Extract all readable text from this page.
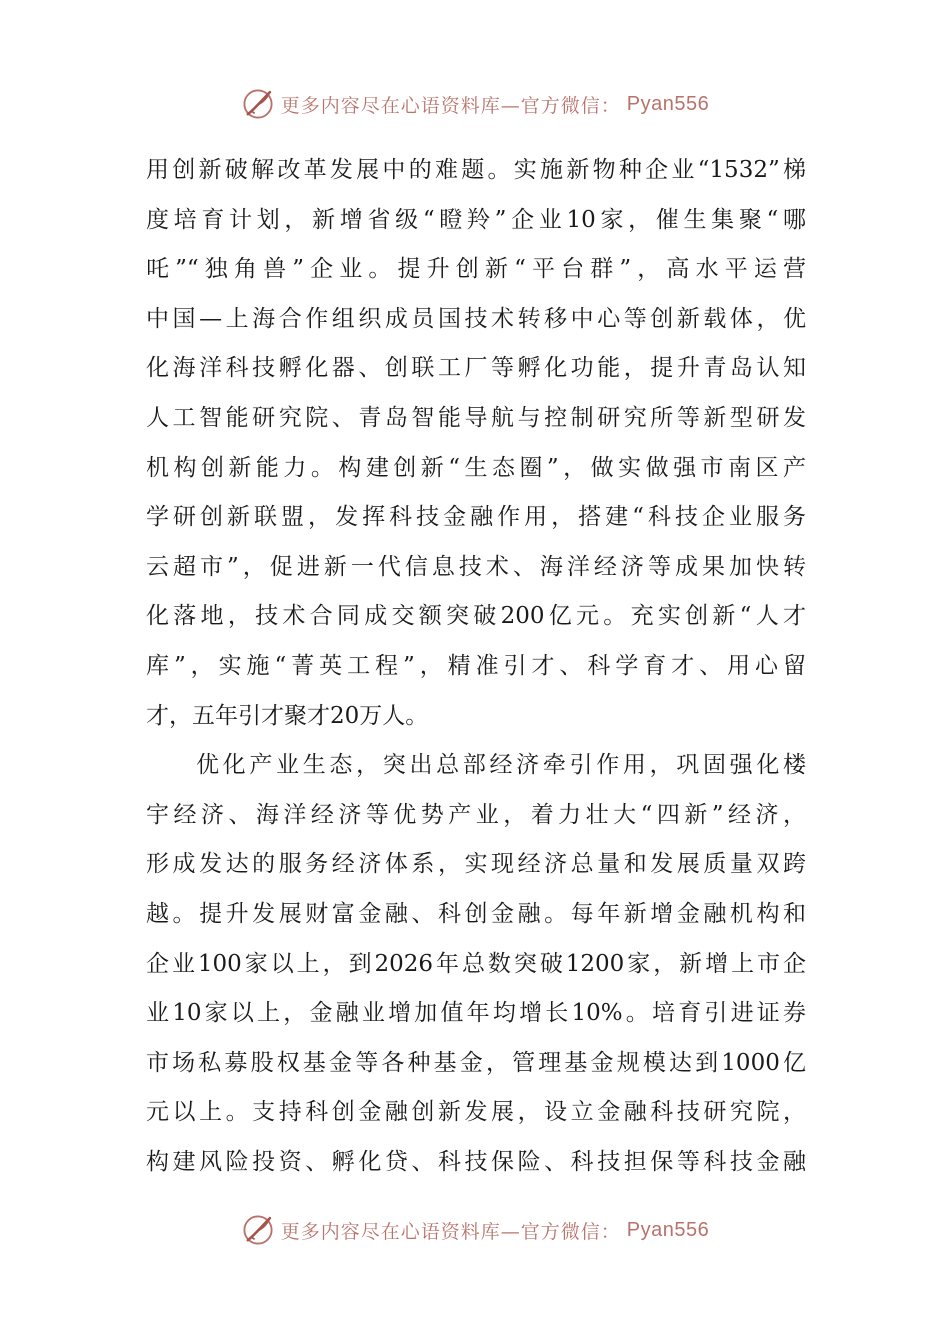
更多内容尽在心语资料库—官方微信： Pyan556
用创新破解改革发展中的难题。实施新物种企业“1532”梯
度培育计划，新增省级“瞪羚”企业10家，催生集聚“哪
吒”“独角兽”企业。提升创新“平台群”，高水平运营
中国—上海合作组织成员国技术转移中心等创新载体，优
化海洋科技孵化器、创联工厂等孵化功能，提升青岛认知
人工智能研究院、青岛智能导航与控制研究所等新型研发
机构创新能力。构建创新“生态圈”，做实做强市南区产
学研创新联盟，发挥科技金融作用，搭建“科技企业服务
云超市”，促进新一代信息技术、海洋经济等成果加快转
化落地，技术合同成交额突破200亿元。充实创新“人才
库”，实施“菁英工程”，精准引才、科学育才、用心留
才，五年引才聚才20万人。
优化产业生态，突出总部经济牵引作用，巩固强化楼
宇经济、海洋经济等优势产业，着力壮大“四新”经济，
形成发达的服务经济体系，实现经济总量和发展质量双跨
越。提升发展财富金融、科创金融。每年新增金融机构和
企业100家以上，到2026年总数突破1200家，新增上市企
业10家以上，金融业增加值年均增长10%。培育引进证券
市场私募股权基金等各种基金，管理基金规模达到1000亿
元以上。支持科创金融创新发展，设立金融科技研究院，
构建风险投资、孵化贷、科技保险、科技担保等科技金融
更多内容尽在心语资料库—官方微信： Pyan556
